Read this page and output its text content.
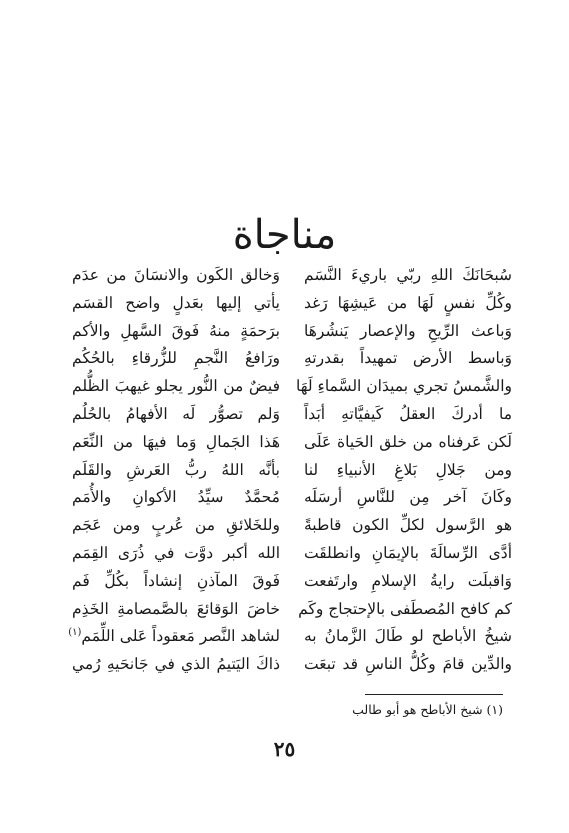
مناجاة
سُبحَانَكَ اللهِ ربّي باريءَ النَّسَم
وكُلِّ نفسٍ لَهَا من عَيشِهَا رَغد
وَباعث الرِّيحِ والإعصار يَنشُرهَا
وَباسط الأرض تمهيداً بقدرتهِ
والشَّمسُ تجري بميدَان السَّماءِ لَهَا
ما أدركَ العقلُ كَيفيَّاتهِ أبَداً
لَكن عَرفناه من خلق الحَياة عَلَى
ومن جَلالِ بَلاغِ الأنبياءِ لنا
وكَانَ آخر مِن للنَّاسِ أرسَلَه
هو الرَّسول لكلِّ الكون قاطبةً
أدَّى الرِّسالَةَ بالإيمَانِ وانطلقَت
وَاقبلَت رايةُ الإسلامِ وارتَفعت
كم كافح المُصطَفى بالإحتجاج وكَم
شيخُ الأباطح لو طَالَ الزَّمانُ به
والدِّين قامَ وكُلُّ الناسِ قد تبعَت
وَخالق الكَون والانسَانَ من عدَم
يأتي إليها بعَدلٍ واضح القسَم
برَحمَةٍ منهُ فَوقَ السَّهلِ والأكم
ورَافعُ النَّجمِ للزُّرقاءِ بالحُكُم
فيضٌ من النُّور يجلو غيهبَ الظُّلم
وَلم تصوُّر لَه الأفهامُ بالحُلُم
هَذا الجَمالِ وَما فيهَا من النِّعَم
بأنَّه اللهُ ربُّ العَرشِ والقَلَم
مُحمَّدٌ سيِّدُ الأكوانِ والأُمَم
وللخَلائقِ من عُربٍ ومن عَجَم
الله أكبر دوَّت في ذُرَى القِمَم
فَوقَ المآذنِ إنشاداً بكُلِّ فَم
خاضَ الوَقائعَ بالصَّمصامةِ الخَذِم
لشاهد النَّصر مَعقوداً عَلى اللِّمَم$^{(١)}$
ذاكَ اليَتيمُ الذي في جَانحَيهِ رُمي
(١) شيخ الأباطح هو أبو طالب
٢٥
